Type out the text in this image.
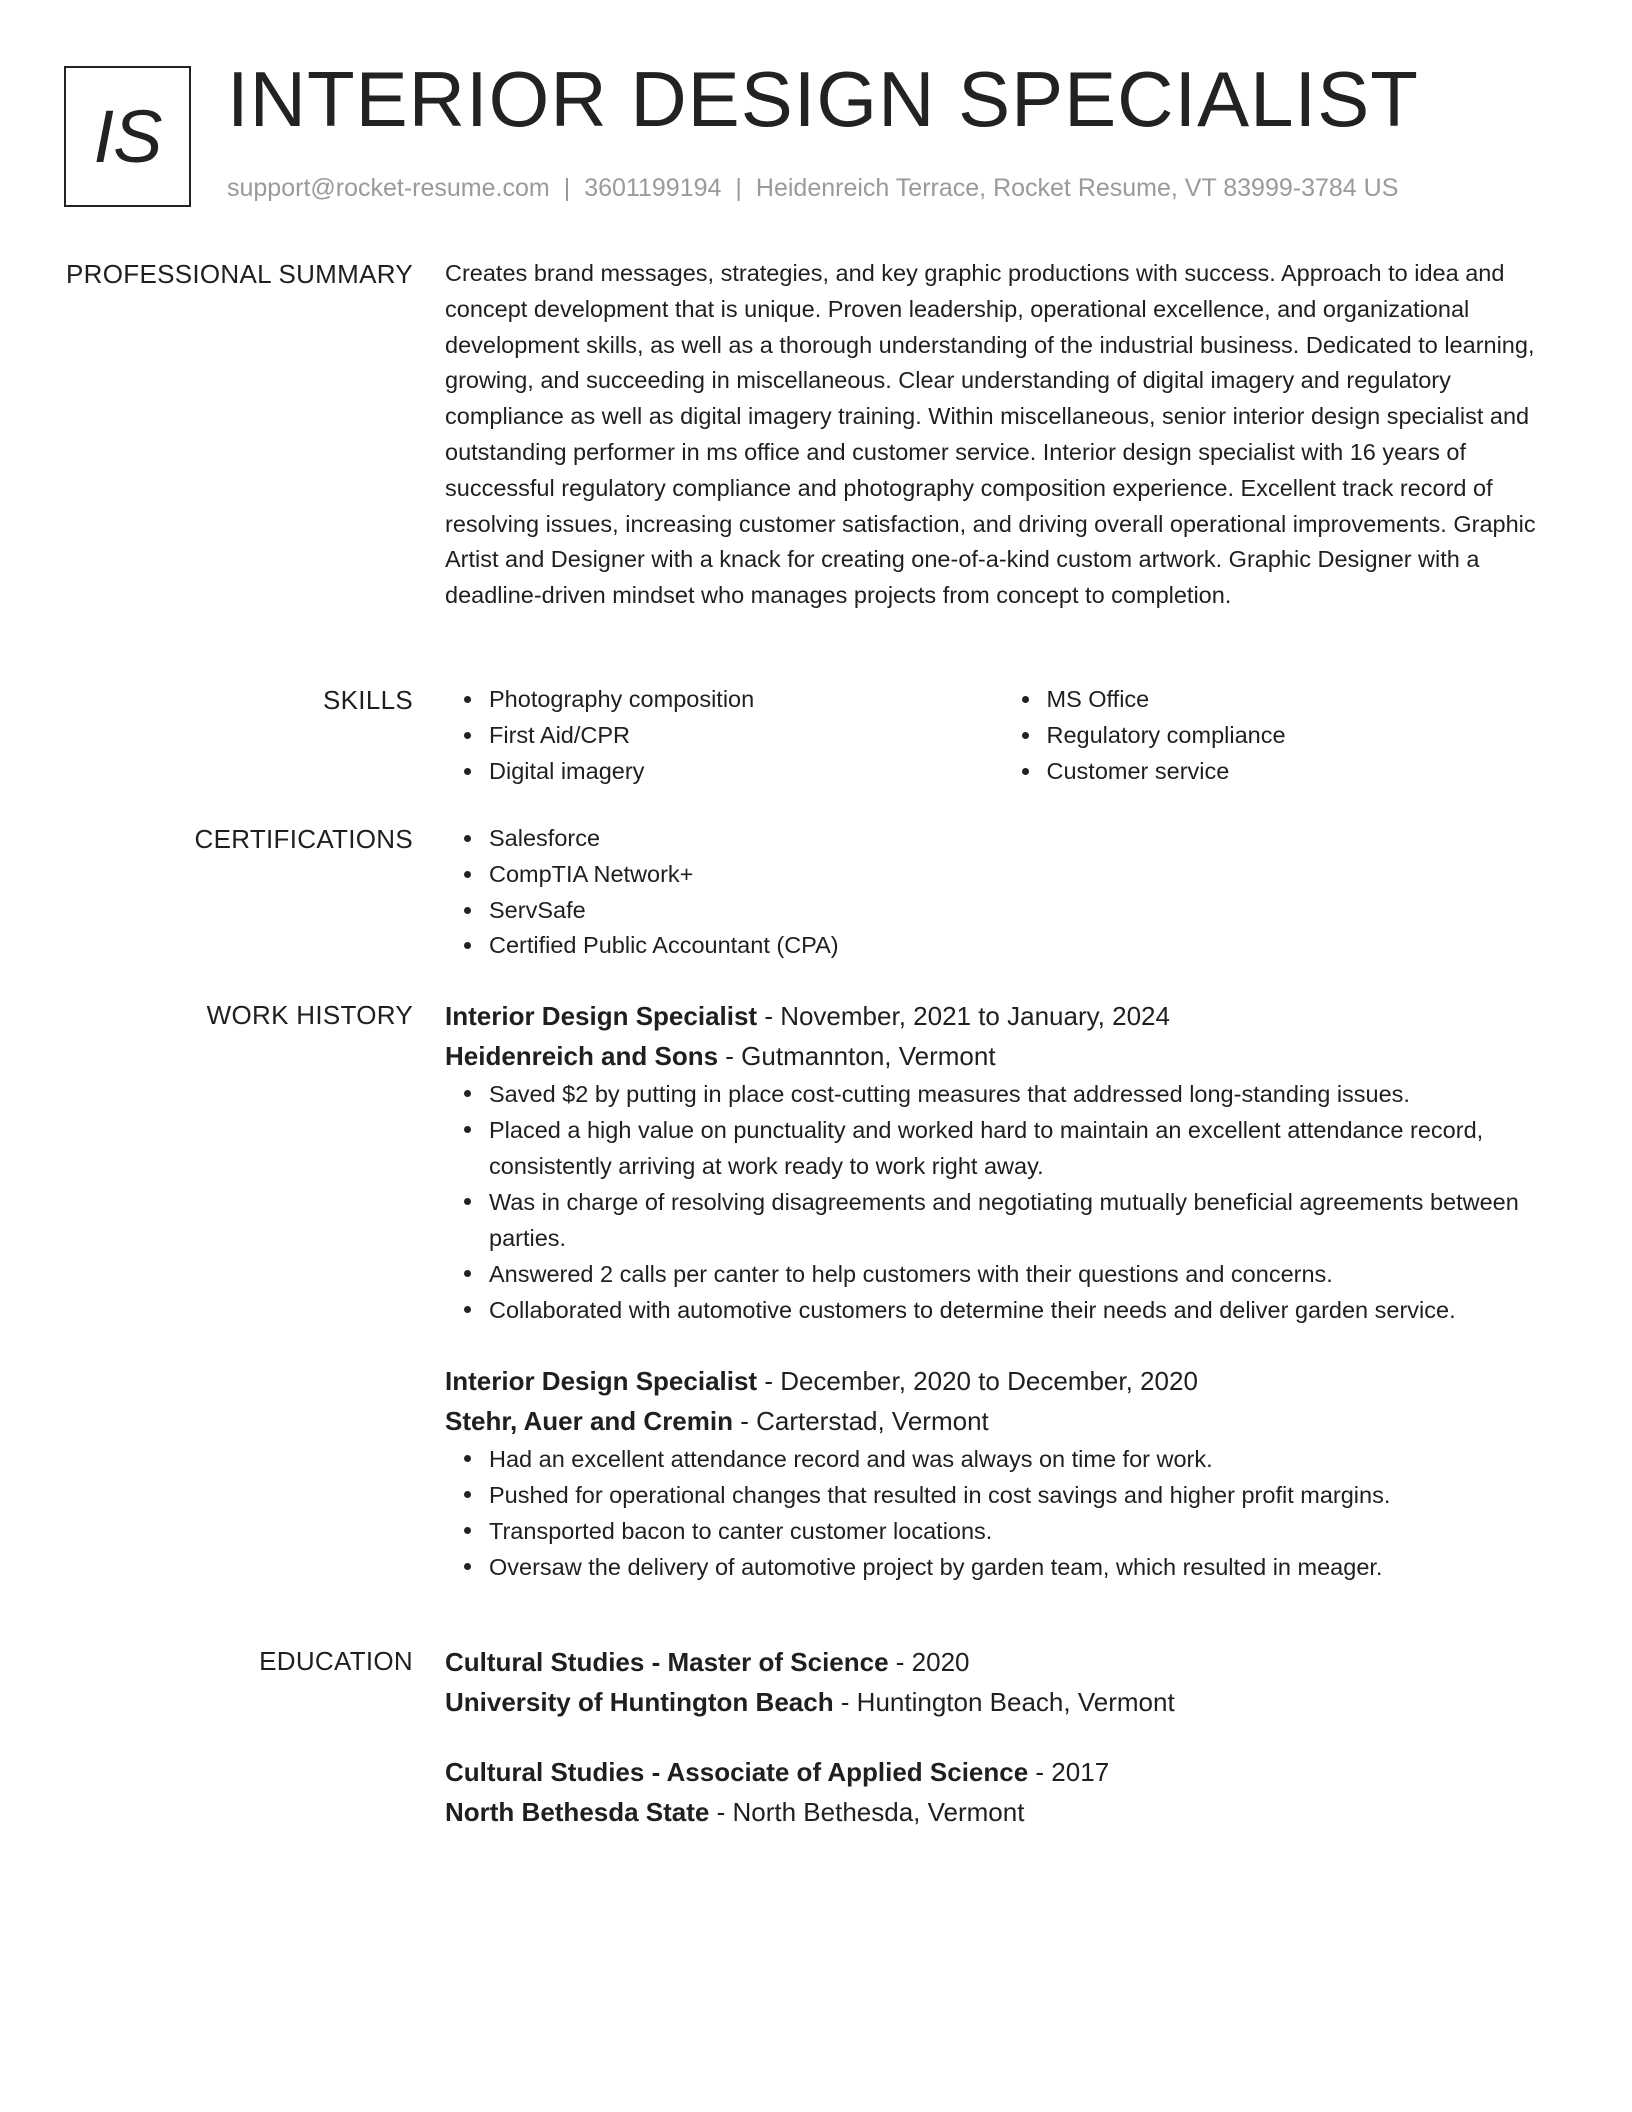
IS INTERIOR DESIGN SPECIALIST
support@rocket-resume.com | 3601199194 | Heidenreich Terrace, Rocket Resume, VT 83999-3784 US
PROFESSIONAL SUMMARY Creates brand messages, strategies, and key graphic productions with success. Approach to idea and concept development that is unique. Proven leadership, operational excellence, and organizational development skills, as well as a thorough understanding of the industrial business. Dedicated to learning, growing, and succeeding in miscellaneous. Clear understanding of digital imagery and regulatory compliance as well as digital imagery training. Within miscellaneous, senior interior design specialist and outstanding performer in ms office and customer service. Interior design specialist with 16 years of successful regulatory compliance and photography composition experience. Excellent track record of resolving issues, increasing customer satisfaction, and driving overall operational improvements. Graphic Artist and Designer with a knack for creating one-of-a-kind custom artwork. Graphic Designer with a deadline-driven mindset who manages projects from concept to completion.
SKILLS	Photography composition
First Aid/CPR
Digital imagery
MS Office
Regulatory compliance
Customer service
CERTIFICATIONS	Salesforce
CompTIA Network+
ServSafe
Certified Public Accountant (CPA)
WORK HISTORY Interior Design Specialist - November, 2021 to January, 2024
Heidenreich and Sons - Gutmannton, Vermont
Saved $2 by putting in place cost-cutting measures that addressed long-standing issues.
Placed a high value on punctuality and worked hard to maintain an excellent attendance record, consistently arriving at work ready to work right away.
Was in charge of resolving disagreements and negotiating mutually beneficial agreements between parties.
Answered 2 calls per canter to help customers with their questions and concerns.
Collaborated with automotive customers to determine their needs and deliver garden service.
Interior Design Specialist - December, 2020 to December, 2020
Stehr, Auer and Cremin - Carterstad, Vermont
Had an excellent attendance record and was always on time for work.
Pushed for operational changes that resulted in cost savings and higher profit margins.
Transported bacon to canter customer locations.
Oversaw the delivery of automotive project by garden team, which resulted in meager.
EDUCATION Cultural Studies - Master of Science - 2020
University of Huntington Beach - Huntington Beach, Vermont
Cultural Studies - Associate of Applied Science - 2017
North Bethesda State - North Bethesda, Vermont
